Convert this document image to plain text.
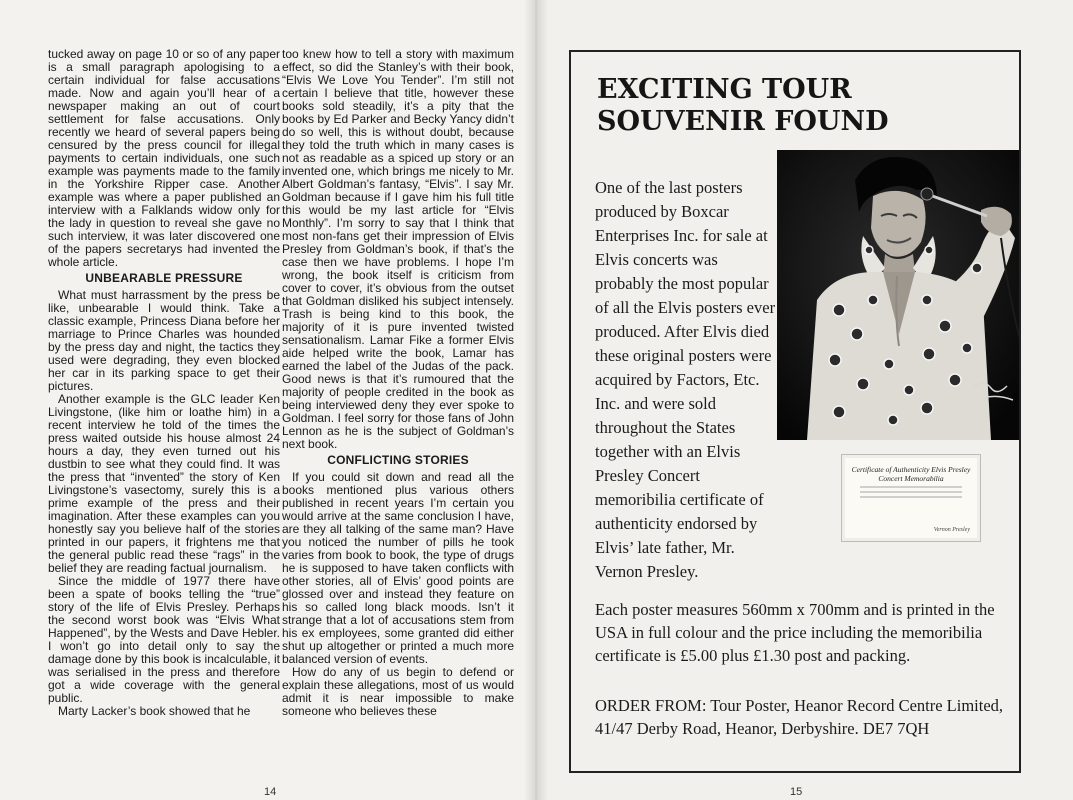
tucked away on page 10 or so of any paper is a small paragraph apologising to a certain individual for false accusations made. Now and again you’ll hear of a newspaper making an out of court settlement for false accusations. Only recently we heard of several papers being censured by the press council for illegal payments to certain individuals, one such example was payments made to the family in the Yorkshire Ripper case. Another example was where a paper published an interview with a Falklands widow only for the lady in question to reveal she gave no such interview, it was later discovered one of the papers secretarys had invented the whole article.

UNBEARABLE PRESSURE

What must harrassment by the press be like, unbearable I would think. Take a classic example, Princess Diana before her marriage to Prince Charles was hounded by the press day and night, the tactics they used were degrading, they even blocked her car in its parking space to get their pictures.

Another example is the GLC leader Ken Livingstone, (like him or loathe him) in a recent interview he told of the times the press waited outside his house almost 24 hours a day, they even turned out his dustbin to see what they could find. It was the press that “invented” the story of Ken Livingstone’s vasectomy, surely this is a prime example of the press and their imagination. After these examples can you honestly say you believe half of the stories printed in our papers, it frightens me that the general public read these “rags” in the belief they are reading factual journalism.

Since the middle of 1977 there have been a spate of books telling the “true” story of the life of Elvis Presley. Perhaps the second worst book was “Elvis What Happened”, by the Wests and Dave Hebler. I won’t go into detail only to say the damage done by this book is incalculable, it was serialised in the press and therefore got a wide coverage with the general public.

Marty Lacker’s book showed that he

too knew how to tell a story with maximum effect, so did the Stanley’s with their book, “Elvis We Love You Tender”. I’m still not certain I believe that title, however these books sold steadily, it’s a pity that the books by Ed Parker and Becky Yancy didn’t do so well, this is without doubt, because they told the truth which in many cases is not as readable as a spiced up story or an invented one, which brings me nicely to Mr. Albert Goldman’s fantasy, “Elvis”. I say Mr. Goldman because if I gave him his full title this would be my last article for “Elvis Monthly”. I’m sorry to say that I think that most non-fans get their impression of Elvis Presley from Goldman’s book, if that’s the case then we have problems. I hope I’m wrong, the book itself is criticism from cover to cover, it’s obvious from the outset that Goldman disliked his subject intensely. Trash is being kind to this book, the majority of it is pure invented twisted sensationalism. Lamar Fike a former Elvis aide helped write the book, Lamar has earned the label of the Judas of the pack. Good news is that it’s rumoured that the majority of people credited in the book as being interviewed deny they ever spoke to Goldman. I feel sorry for those fans of John Lennon as he is the subject of Goldman’s next book.

CONFLICTING STORIES

If you could sit down and read all the books mentioned plus various others published in recent years I’m certain you would arrive at the same conclusion I have, are they all talking of the same man? Have you noticed the number of pills he took varies from book to book, the type of drugs he is supposed to have taken conflicts with other stories, all of Elvis’ good points are glossed over and instead they feature on his so called long black moods. Isn’t it strange that a lot of accusations stem from his ex employees, some granted did either shut up altogether or printed a much more balanced version of events.

How do any of us begin to defend or explain these allegations, most of us would admit it is near impossible to make someone who believes these

14	15
EXCITING TOUR SOUVENIR FOUND

One of the last posters produced by Boxcar Enterprises Inc. for sale at Elvis concerts was probably the most popular of all the Elvis posters ever produced. After Elvis died these original posters were acquired by Factors, Etc. Inc. and were sold throughout the States together with an Elvis Presley Concert memoribilia certificate of authenticity endorsed by Elvis’ late father, Mr. Vernon Presley.

Certificate of Authenticity Elvis Presley Concert Memorabilia
Vernon Presley

Each poster measures 560mm x 700mm and is printed in the USA in full colour and the price including the memoribilia certificate is £5.00 plus £1.30 post and packing.

ORDER FROM: Tour Poster, Heanor Record Centre Limited, 41/47 Derby Road, Heanor, Derbyshire. DE7 7QH
